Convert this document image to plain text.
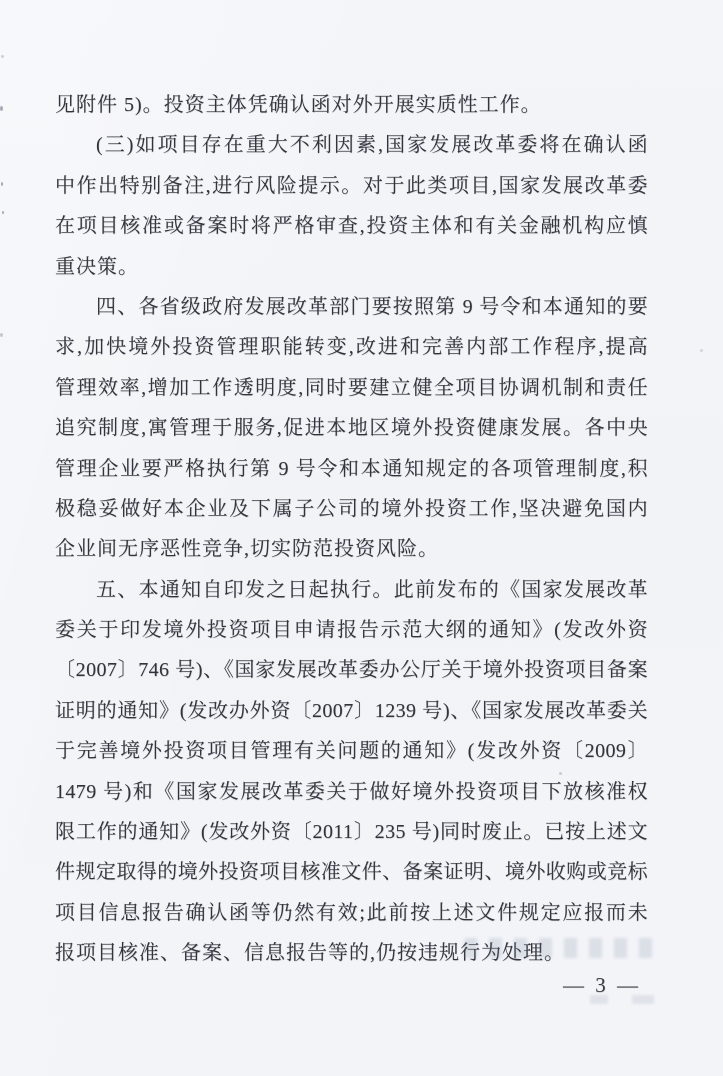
见附件 5)。投资主体凭确认函对外开展实质性工作。
(三)如项目存在重大不利因素,国家发展改革委将在确认函
中作出特别备注,进行风险提示。对于此类项目,国家发展改革委
在项目核准或备案时将严格审查,投资主体和有关金融机构应慎
重决策。
四、各省级政府发展改革部门要按照第 9 号令和本通知的要
求,加快境外投资管理职能转变,改进和完善内部工作程序,提高
管理效率,增加工作透明度,同时要建立健全项目协调机制和责任
追究制度,寓管理于服务,促进本地区境外投资健康发展。各中央
管理企业要严格执行第 9 号令和本通知规定的各项管理制度,积
极稳妥做好本企业及下属子公司的境外投资工作,坚决避免国内
企业间无序恶性竞争,切实防范投资风险。
五、本通知自印发之日起执行。此前发布的《国家发展改革
委关于印发境外投资项目申请报告示范大纲的通知》(发改外资
〔2007〕746 号)、《国家发展改革委办公厅关于境外投资项目备案
证明的通知》(发改办外资〔2007〕1239 号)、《国家发展改革委关
于完善境外投资项目管理有关问题的通知》(发改外资〔2009〕
1479 号)和《国家发展改革委关于做好境外投资项目下放核准权
限工作的通知》(发改外资〔2011〕235 号)同时废止。已按上述文
件规定取得的境外投资项目核准文件、备案证明、境外收购或竞标
项目信息报告确认函等仍然有效;此前按上述文件规定应报而未
报项目核准、备案、信息报告等的,仍按违规行为处理。
— 3 —
